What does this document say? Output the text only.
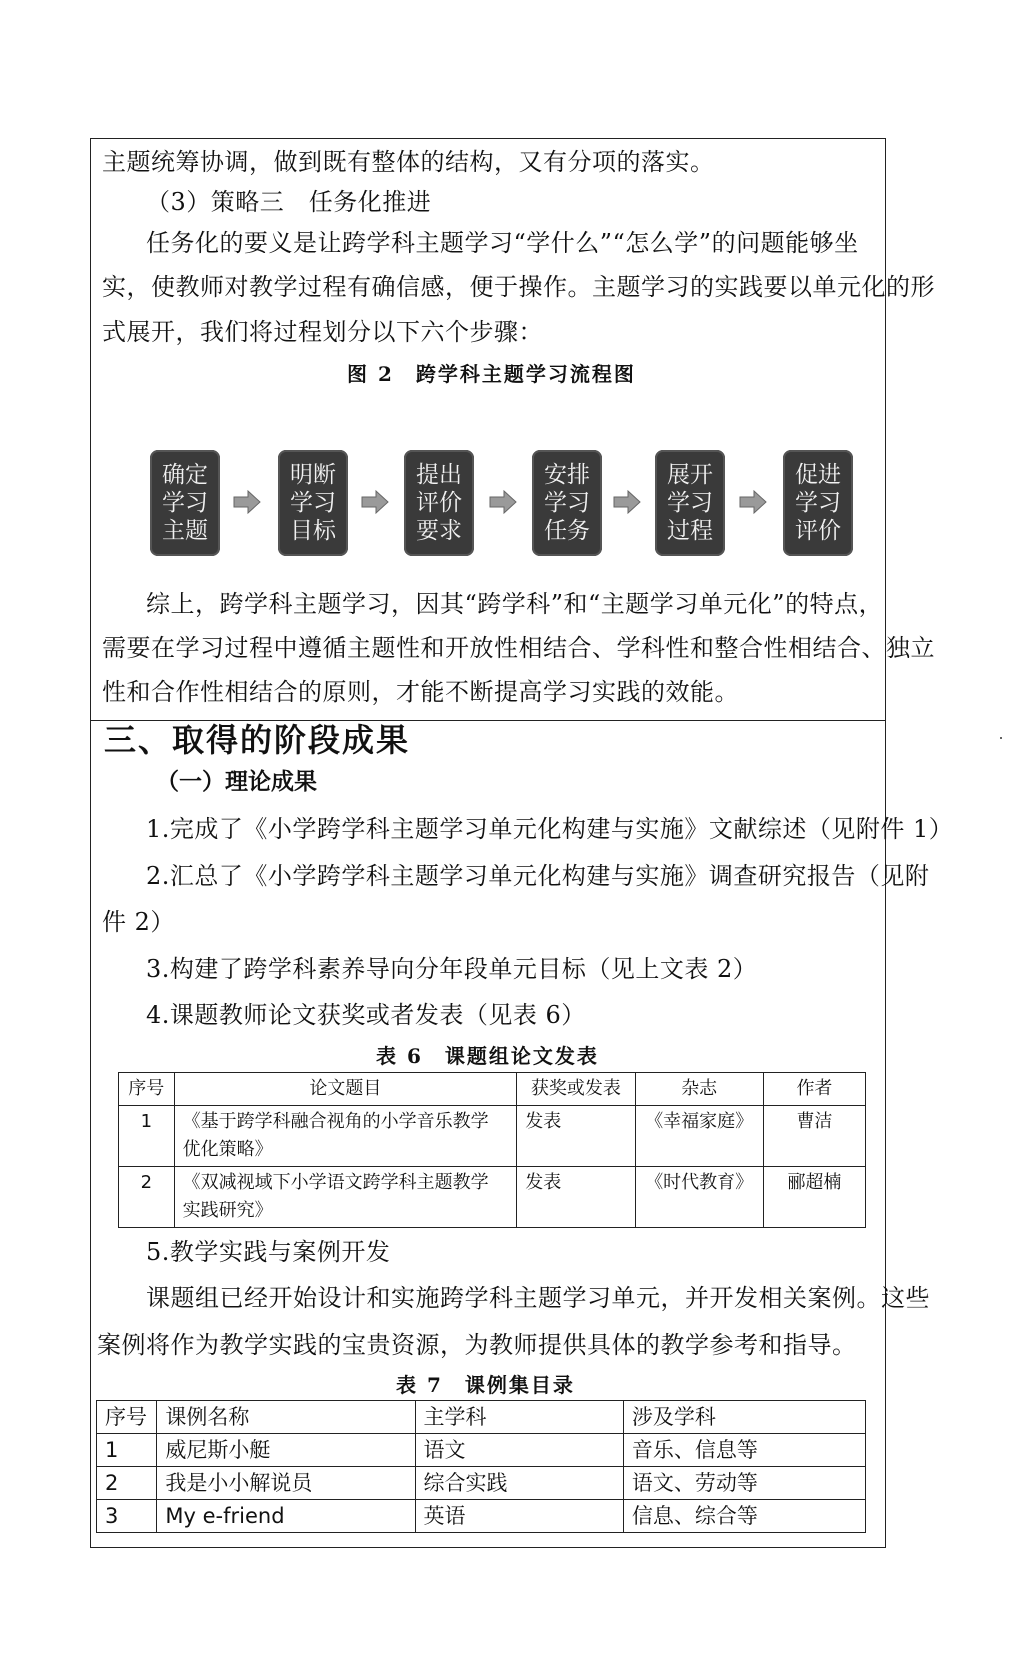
主题统筹协调，做到既有整体的结构，又有分项的落实。
（3）策略三　任务化推进
任务化的要义是让跨学科主题学习“学什么”“怎么学”的问题能够坐
实，使教师对教学过程有确信感，便于操作。主题学习的实践要以单元化的形
式展开，我们将过程划分以下六个步骤：
图 2　跨学科主题学习流程图
确定
学习
主题
明断
学习
目标
提出
评价
要求
安排
学习
任务
展开
学习
过程
促进
学习
评价
综上，跨学科主题学习，因其“跨学科”和“主题学习单元化”的特点，
需要在学习过程中遵循主题性和开放性相结合、学科性和整合性相结合、独立
性和合作性相结合的原则，才能不断提高学习实践的效能。
三、取得的阶段成果
（一）理论成果
1.完成了《小学跨学科主题学习单元化构建与实施》文献综述（见附件 1）
2.汇总了《小学跨学科主题学习单元化构建与实施》调查研究报告（见附
件 2）
3.构建了跨学科素养导向分年段单元目标（见上文表 2）
4.课题教师论文获奖或者发表（见表 6）
表 6　课题组论文发表
序号	论文题目	获奖或发表	杂志	作者
1	《基于跨学科融合视角的小学音乐教学
优化策略》	发表	《幸福家庭》	曹洁
2	《双减视域下小学语文跨学科主题教学
实践研究》	发表	《时代教育》	郦超楠
5.教学实践与案例开发
课题组已经开始设计和实施跨学科主题学习单元，并开发相关案例。这些
案例将作为教学实践的宝贵资源，为教师提供具体的教学参考和指导。
表 7　课例集目录
序号	课例名称	主学科	涉及学科
1	威尼斯小艇	语文	音乐、信息等
2	我是小小解说员	综合实践	语文、劳动等
3	My e-friend	英语	信息、综合等
